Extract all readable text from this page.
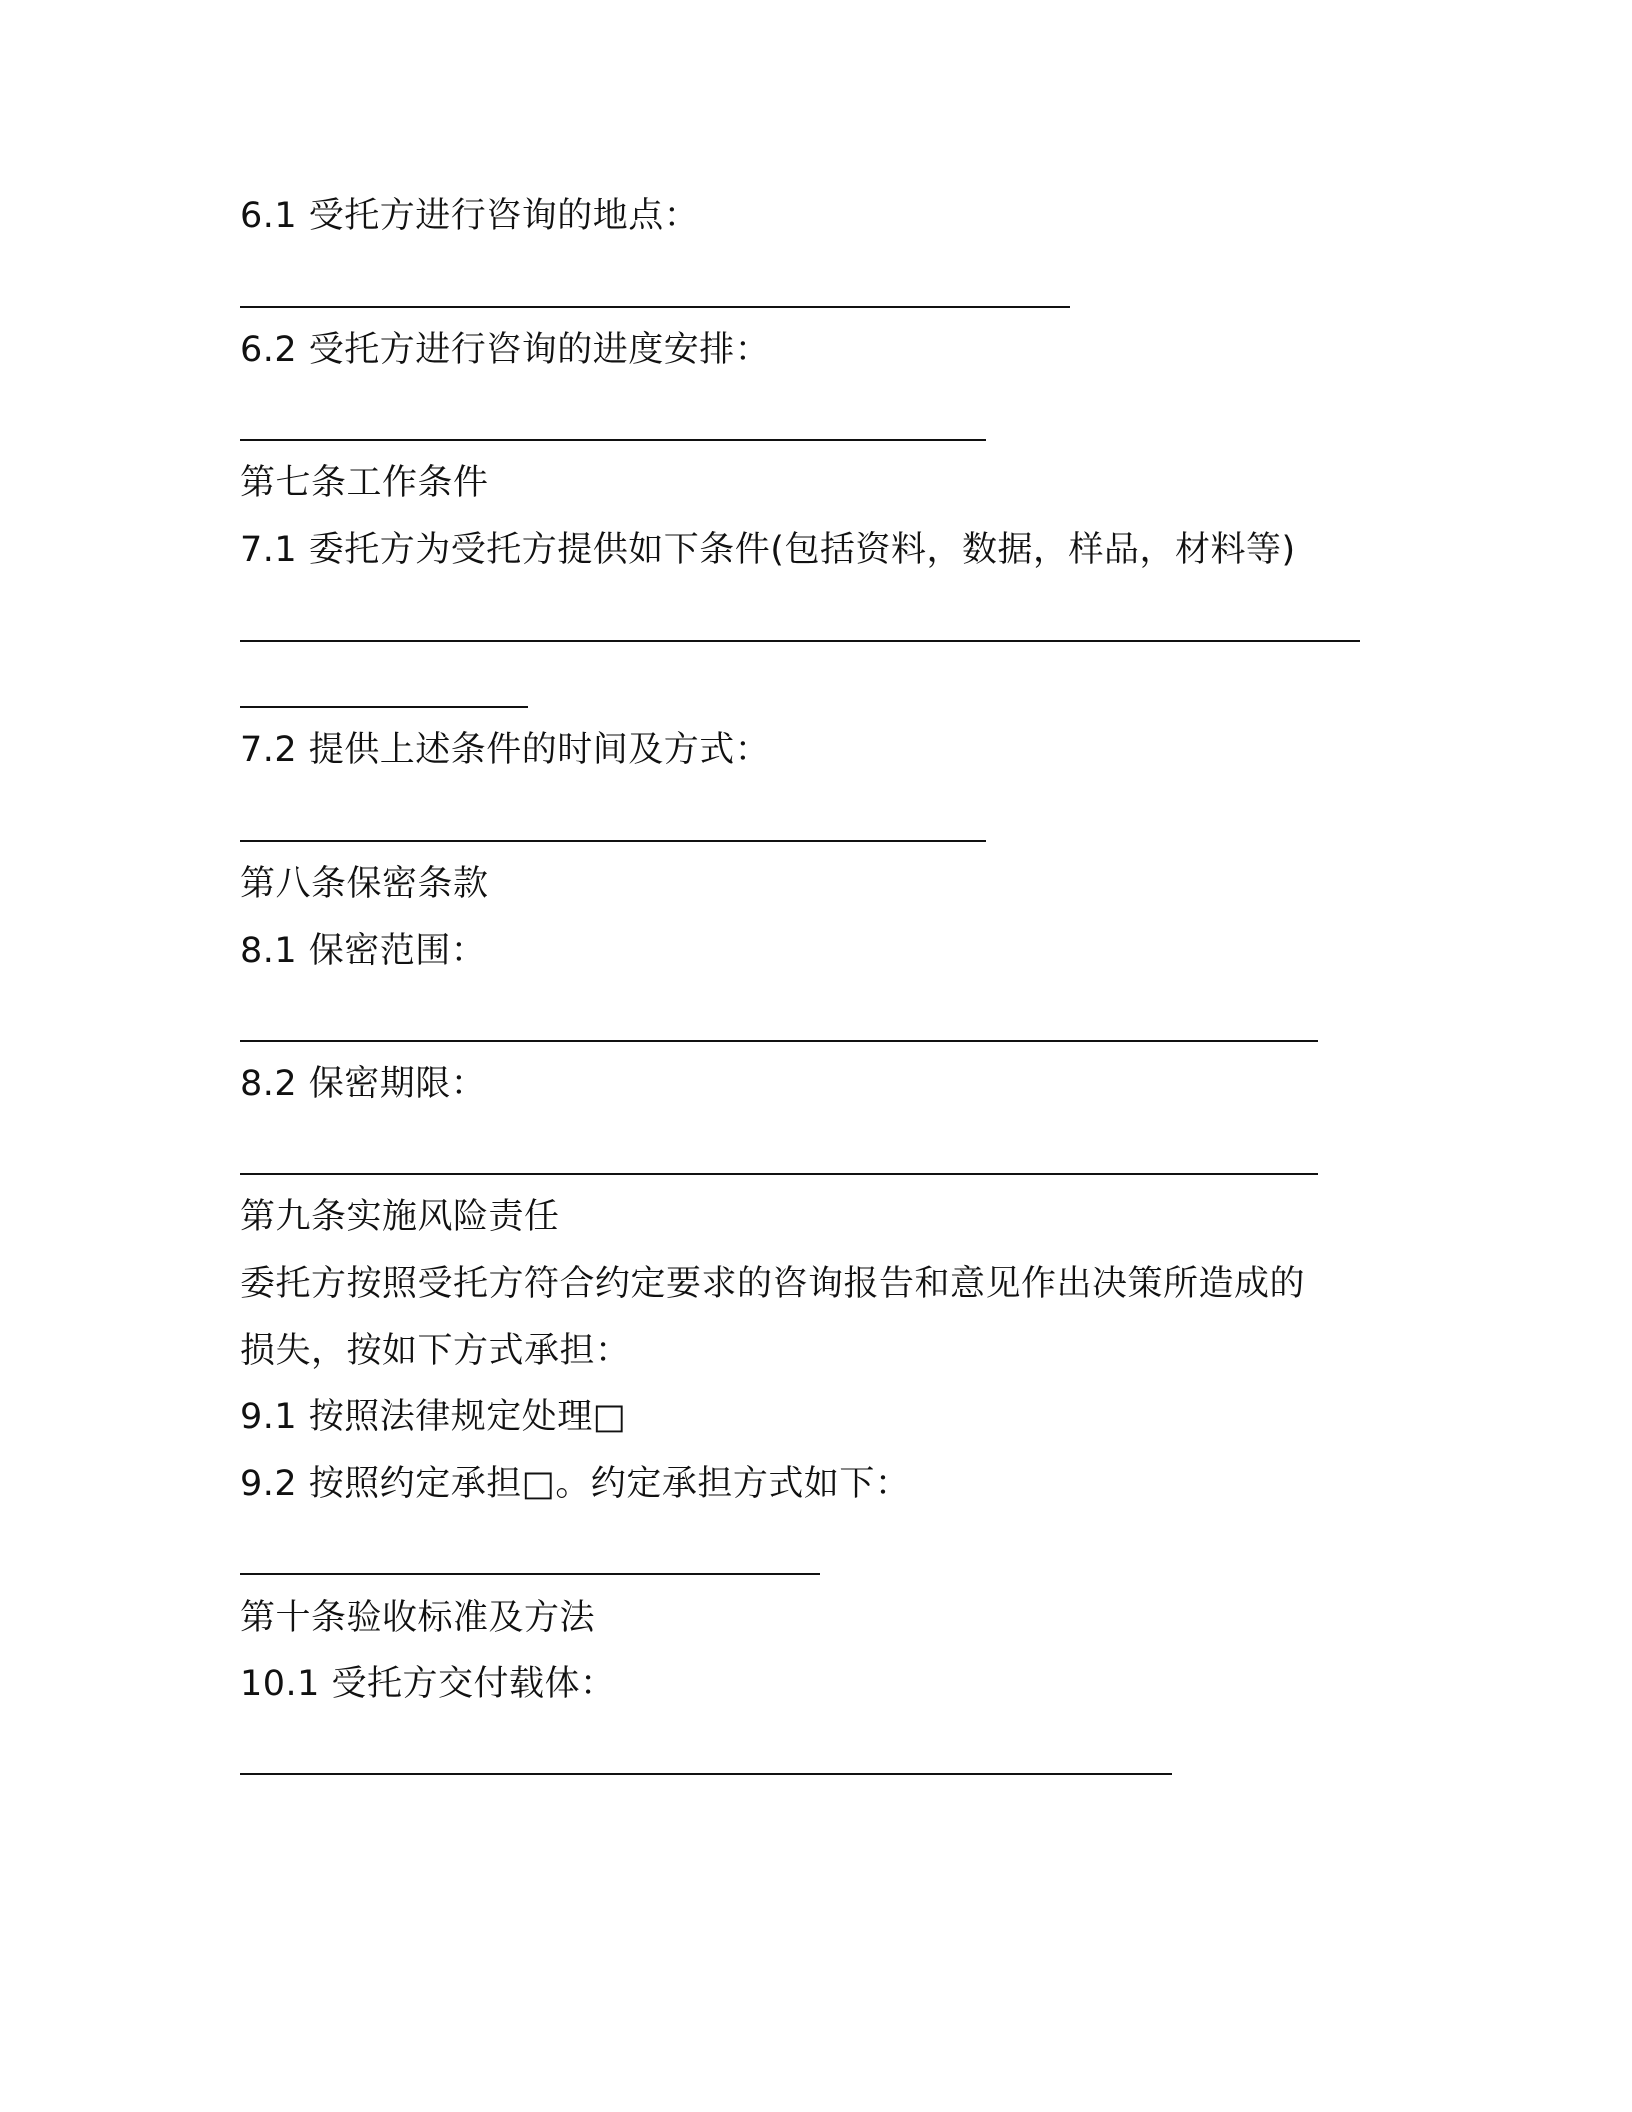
6.1 受托方进行咨询的地点：
6.2 受托方进行咨询的进度安排：
第七条工作条件
7.1 委托方为受托方提供如下条件(包括资料，数据，样品，材料等)
7.2 提供上述条件的时间及方式：
第八条保密条款
8.1 保密范围：
8.2 保密期限：
第九条实施风险责任
委托方按照受托方符合约定要求的咨询报告和意见作出决策所造成的
损失，按如下方式承担：
9.1 按照法律规定处理□
9.2 按照约定承担□。约定承担方式如下：
第十条验收标准及方法
10.1 受托方交付载体：
